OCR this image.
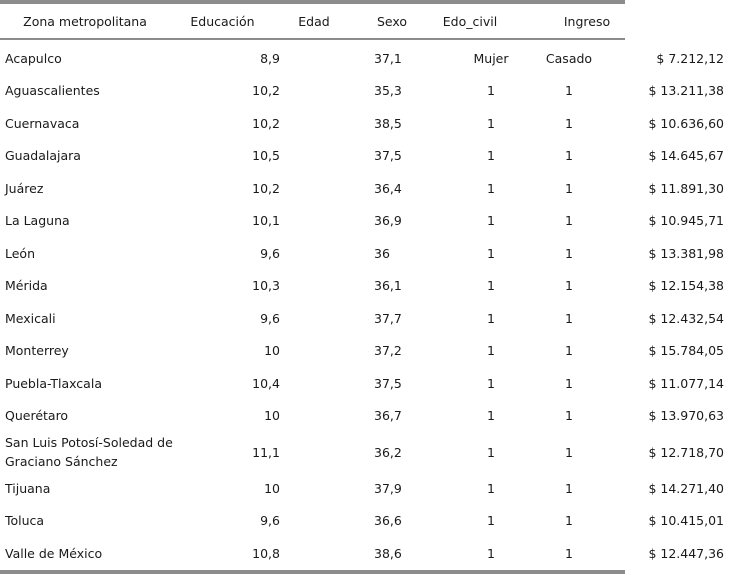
Zona metropolitana	Educación	Edad	Sexo	Edo_civil	Ingreso
Acapulco	8,9	37,1	Mujer	Casado	$ 7.212,12
Aguascalientes	10,2	35,3	1	1	$ 13.211,38
Cuernavaca	10,2	38,5	1	1	$ 10.636,60
Guadalajara	10,5	37,5	1	1	$ 14.645,67
Juárez	10,2	36,4	1	1	$ 11.891,30
La Laguna	10,1	36,9	1	1	$ 10.945,71
León	9,6	36	1	1	$ 13.381,98
Mérida	10,3	36,1	1	1	$ 12.154,38
Mexicali	9,6	37,7	1	1	$ 12.432,54
Monterrey	10	37,2	1	1	$ 15.784,05
Puebla-Tlaxcala	10,4	37,5	1	1	$ 11.077,14
Querétaro	10	36,7	1	1	$ 13.970,63
San Luis Potosí-Soledad de Graciano Sánchez	11,1	36,2	1	1	$ 12.718,70
Tijuana	10	37,9	1	1	$ 14.271,40
Toluca	9,6	36,6	1	1	$ 10.415,01
Valle de México	10,8	38,6	1	1	$ 12.447,36
